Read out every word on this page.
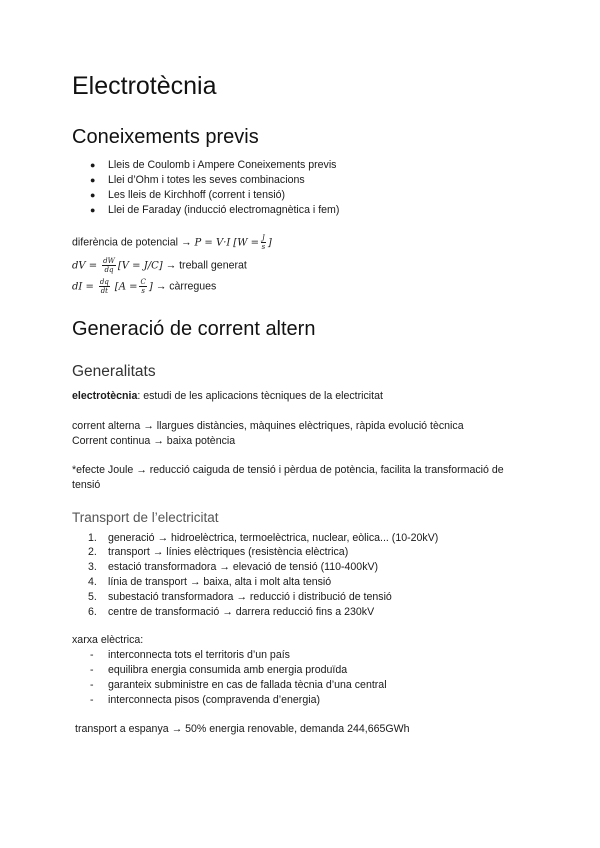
Electrotècnia
Coneixements previs
● Lleis de Coulomb i Ampere Coneixements previs
● Llei d’Ohm i totes les seves combinacions
● Les lleis de Kirchhoff (corrent i tensió)
● Llei de Faraday (inducció electromagnètica i fem)
diferència de potencial → P = V·I [$W = \frac{J}{s}$ ]
dV = $\frac{dW}{dq} [V = J/C]$ → treball generat
dI = $\frac{dq}{dt} [A = \frac{C}{s}$ ] → càrregues
Generació de corrent altern
Generalitats
electrotècnia: estudi de les aplicacions tècniques de la electricitat
corrent alterna → llargues distàncies, màquines elèctriques, ràpida evolució tècnica
Corrent continua → baixa potència
*efecte Joule → reducció caiguda de tensió i pèrdua de potència, facilita la transformació de
tensió
Transport de l’electricitat
1. generació → hidroelèctrica, termoelèctrica, nuclear, eòlica... (10-20kV)
2. transport → línies elèctriques (resistència elèctrica)
3. estació transformadora → elevació de tensió (110-400kV)
4. línia de transport → baixa, alta i molt alta tensió
5. subestació transformadora → reducció i distribució de tensió
6. centre de transformació → darrera reducció fins a 230kV
xarxa elèctrica:
- interconnecta tots el territoris d’un país
- equilibra energia consumida amb energia produïda
- garanteix subministre en cas de fallada tècnia d’una central
- interconnecta pisos (compravenda d’energia)
transport a espanya → 50% energia renovable, demanda 244,665GWh
